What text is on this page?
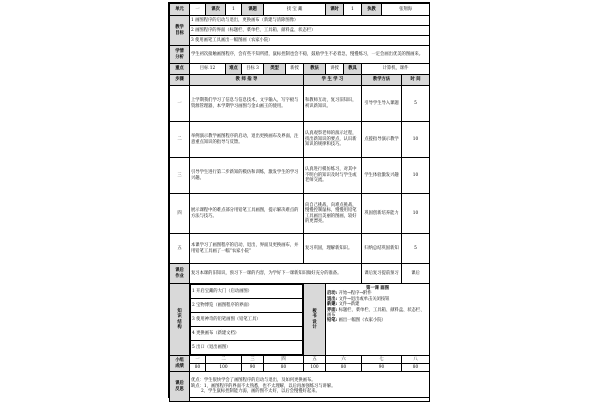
单元	一	课次	1	课题	找 宝 藏	课时	1	执教	张翔海
教学
目标	1 画图程序的启动与退出，更换画布（新建与清除图像）
2 画图程序的界面（标题栏、菜单栏、工具箱、颜料盒、状态栏）
3 使用画笔工具画出一幅图画（农家小院）
学情
分析	学生初次接触画图程序，会有些不知所措，鼠标控制也会不稳，鼓励学生不必着急，慢慢练习，一定会画出优美的图画来。
重点	目标 12	难点	目标 3	类型	新授	教法	讲授	教具	计算机，课件
步骤	教 师 指 导	学 生 学 习	教学方法	时 间
一	上学期我们学习了信息与信息技术，文字输入，写字板与资源管理器，本学期学习画图与金山画王的使用。	和教师互动，复习旧知识，初识新知识。	引导学生导入课题	5
二	举例演示教学画图程序的启动，退出更换画布及界面，注意重点知识的指导与反馈。	认真观察老师的演示过程，找出新知识的要点，认识新知识的规律和技巧。	点拨指导演示教学	10
三	引导学生进行第二步新知的模仿和训练，激发学生的学习兴趣。	认真进行模仿练习，对其中不明白的知识及时与学生或老师交流。	学生体验激发兴趣	10
四	展示课程中的难点部分用铅笔工具画图，提示解决难点的方法与技巧。	向自己挑战，向难点挑战，慢慢控制鼠标，慢慢用铅笔工具画出美丽的图画，较好的更漂亮。	巩固创新培养能力	10
五	本课学习了画图程序的启动，退出，界面及更换画布，并用铅笔工具画了一幅“农家小院”	复习巩固，理解新知识。	归纳总结巩固新知	5
课后
作业	复习本课的旧知识，预习下一课的内容，为学好下一课新知识做好充分的准备。	课后复习提前预习	课后
知
识
结
构	
1 开启宝藏的大门（启动画图）
2 宝物博览（画图程序的界面）
3 使用神奇的铅笔画图（铅笔工具）
4 更换画布（新建文档）
5 出口（退出画图）
	板
书
设
计	
第一课 画图
启动: 开始→程序→附件
退出: 文件→退出或单击关闭按钮
新建: 文件→新建
界面: 标题栏、菜单栏、工具箱、颜料盒、状态栏、画布
铅笔: 画出一幅图（农家小院）

小组
成绩	一	二	三	四	五	六	七	八
80	100	90	80	100	80	90	80
课后
反思	
优点：学生很快学会了画图程序的启动与退出，及如何更换画布。
缺点：1、画图程序的界面不太熟悉，也不太理解，以后再加强练习与讲解。
2、学生鼠标控制能力弱，画的图不太好，以后会慢慢好起来。
